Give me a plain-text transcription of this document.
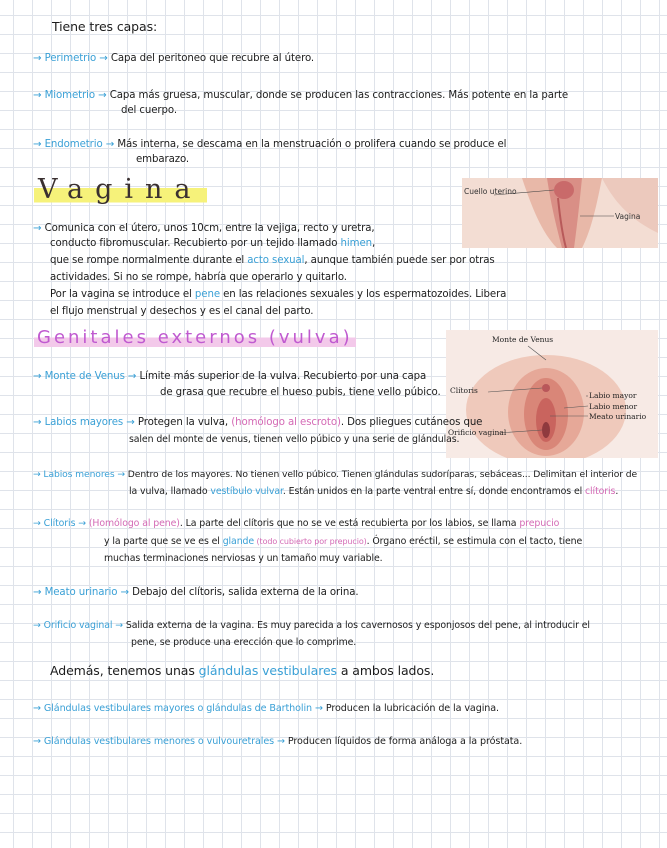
Tiene tres capas:
→ Perimetrio → Capa del peritoneo que recubre al útero.
→ Miometrio → Capa más gruesa, muscular, donde se producen las contracciones. Más potente en la parte
del cuerpo.
→ Endometrio → Más interna, se descama en la menstruación o prolifera cuando se produce el
embarazo.
Vagina	Cuello uterino
Vagina
→ Comunica con el útero, unos 10cm, entre la vejiga, recto y uretra,
conducto fibromuscular. Recubierto por un tejido llamado himen,
que se rompe normalmente durante el acto sexual, aunque también puede ser por otras
actividades. Si no se rompe, habría que operarlo y quitarlo.
Por la vagina se introduce el pene en las relaciones sexuales y los espermatozoides. Libera
el flujo menstrual y desechos y es el canal del parto.
Genitales externos (vulva)	Monte de Venus
Clítoris
Labio mayor
Labio menor
Meato urinario
Orificio vaginal
→ Monte de Venus → Límite más superior de la vulva. Recubierto por una capa
de grasa que recubre el hueso pubis, tiene vello púbico.
→ Labios mayores → Protegen la vulva, (homólogo al escroto). Dos pliegues cutáneos que
salen del monte de venus, tienen vello púbico y una serie de glándulas.
→ Labios menores → Dentro de los mayores. No tienen vello púbico. Tienen glándulas sudoríparas, sebáceas... Delimitan el interior de
la vulva, llamado vestíbulo vulvar. Están unidos en la parte ventral entre sí, donde encontramos el clítoris.
→ Clítoris → (Homólogo al pene). La parte del clítoris que no se ve está recubierta por los labios, se llama prepucio
y la parte que se ve es el glande (todo cubierto por prepucio). Órgano eréctil, se estimula con el tacto, tiene
muchas terminaciones nerviosas y un tamaño muy variable.
→ Meato urinario → Debajo del clítoris, salida externa de la orina.
→ Orificio vaginal → Salida externa de la vagina. Es muy parecida a los cavernosos y esponjosos del pene, al introducir el
pene, se produce una erección que lo comprime.
Además, tenemos unas glándulas vestibulares a ambos lados.
→ Glándulas vestibulares mayores o glándulas de Bartholin → Producen la lubricación de la vagina.
→ Glándulas vestibulares menores o vulvouretrales → Producen líquidos de forma análoga a la próstata.
